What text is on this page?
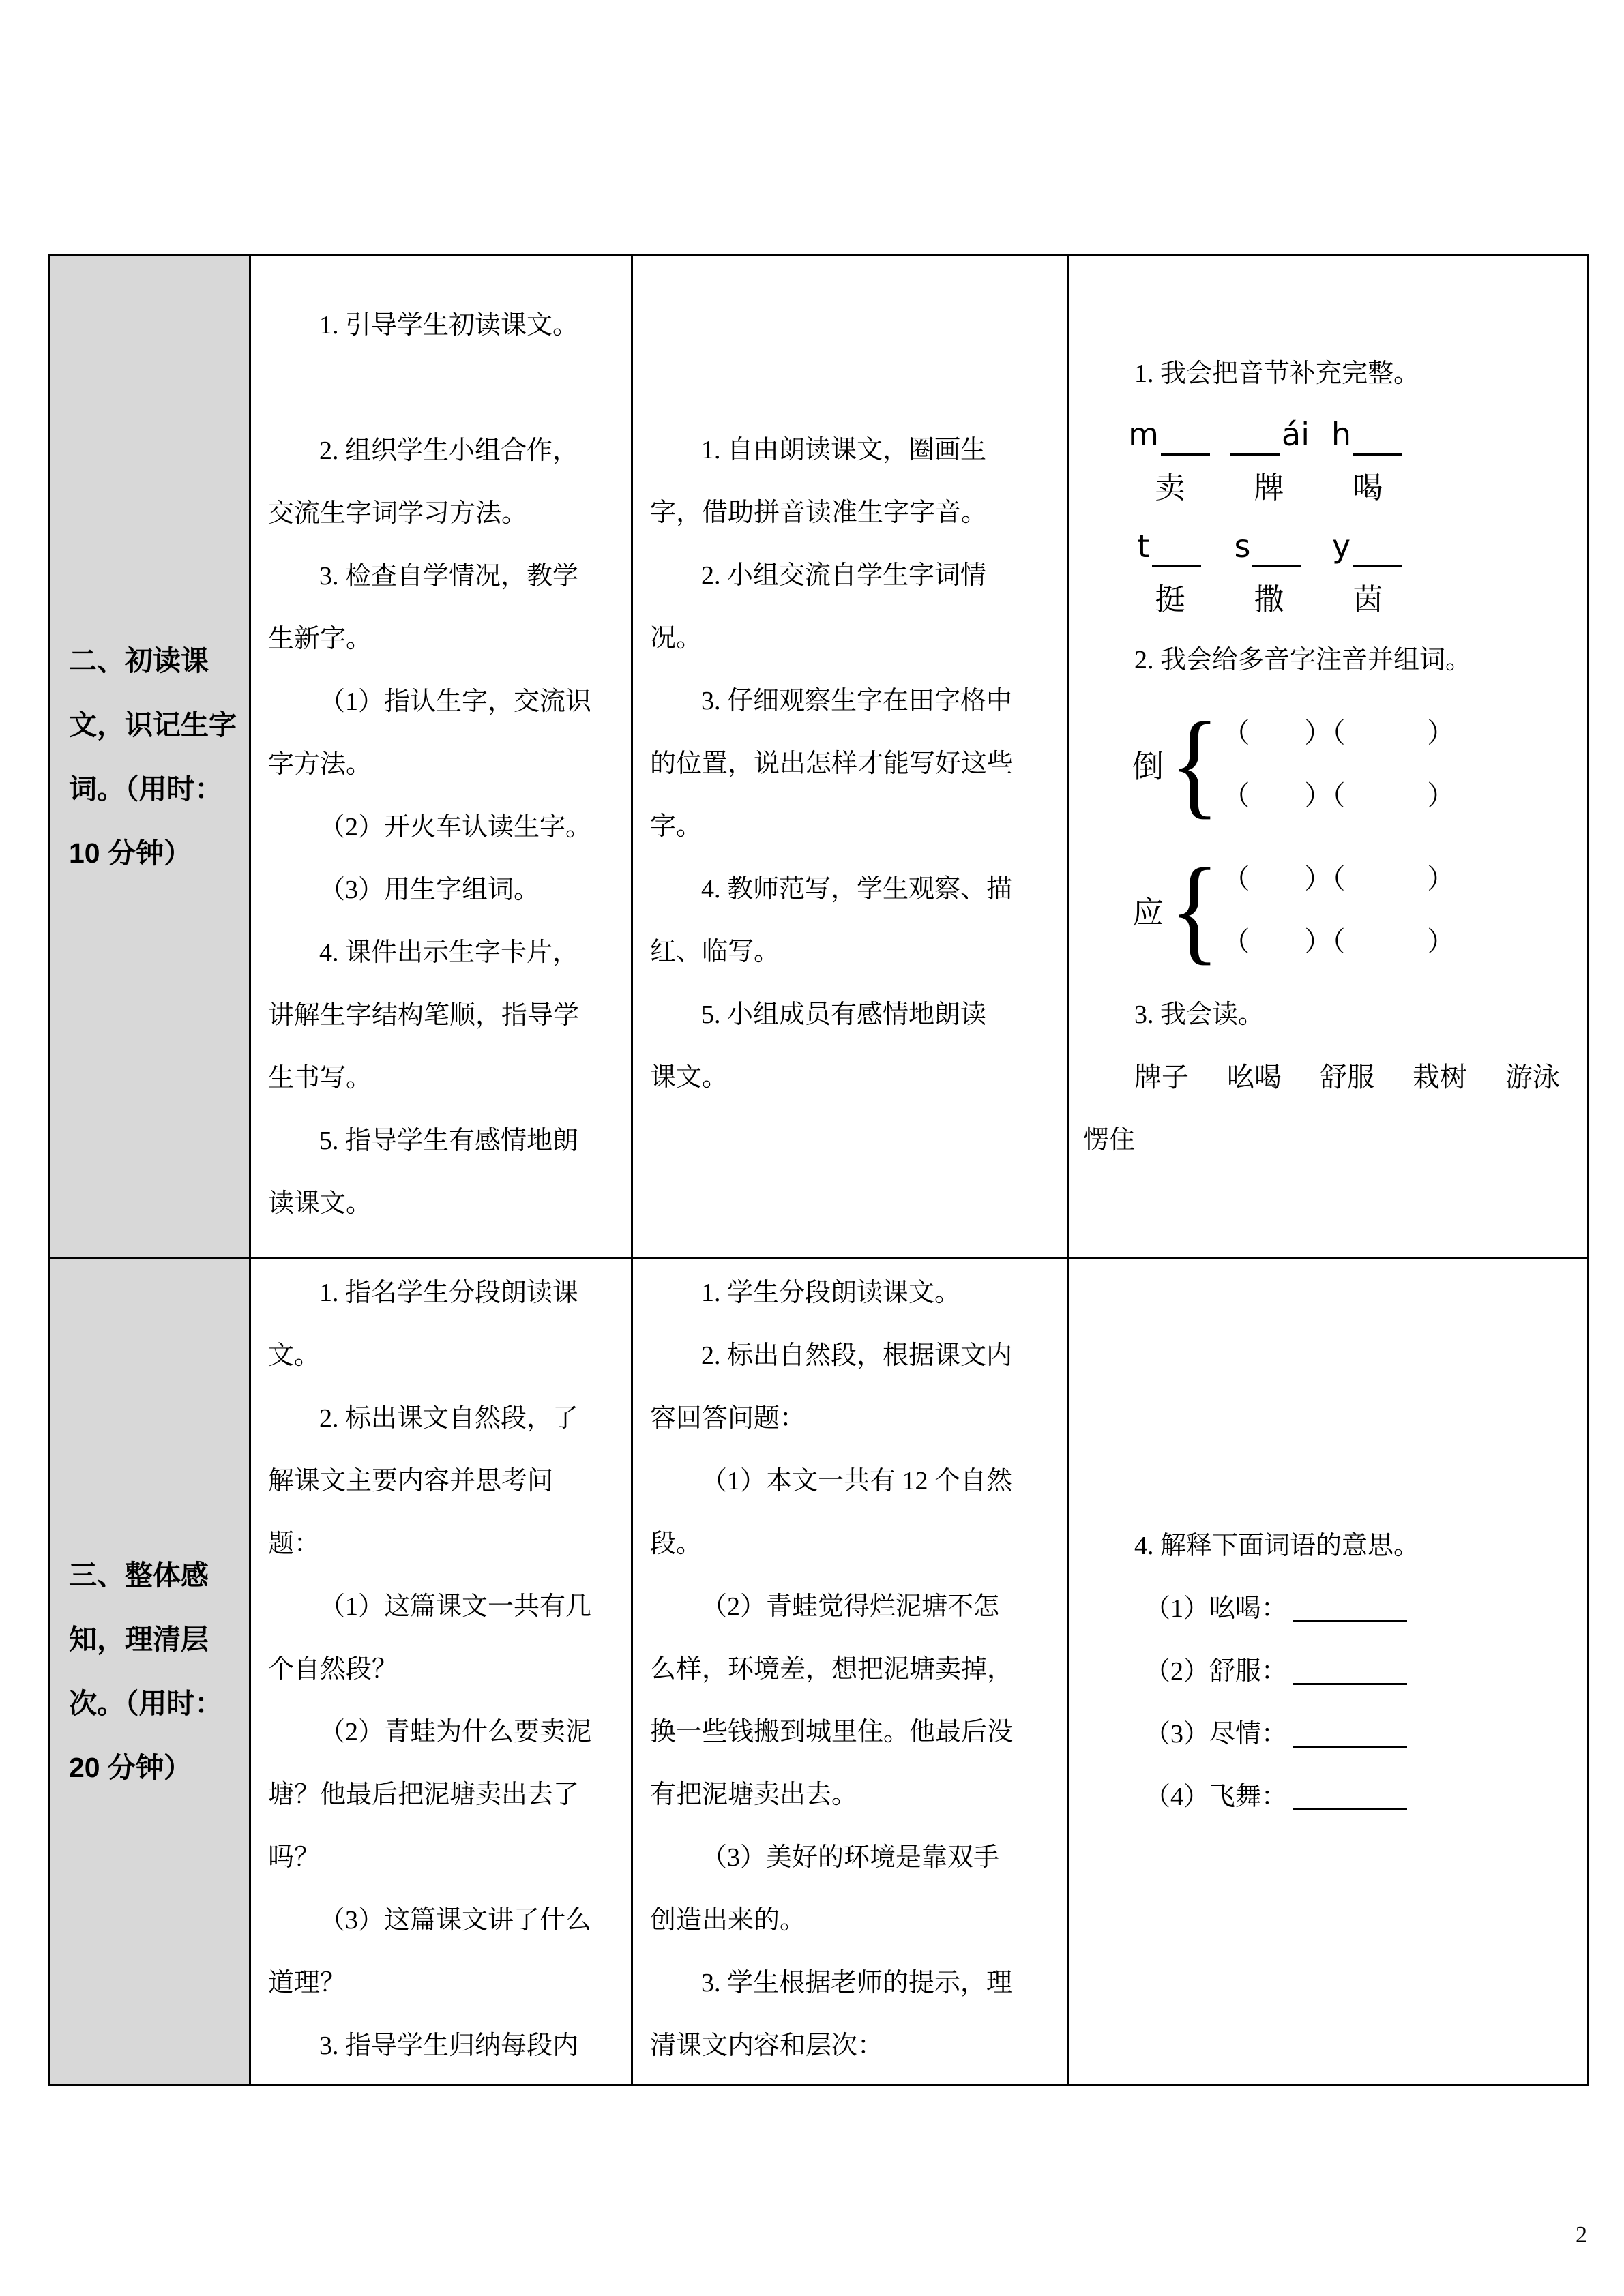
二、初读课
文，识记生字
词。（用时：
10 分钟）
1. 引导学生初读课文。
2. 组织学生小组合作，
交流生字词学习方法。
3. 检查自学情况，教学
生新字。
（1）指认生字，交流识
字方法。
（2）开火车认读生字。
（3）用生字组词。
4. 课件出示生字卡片，
讲解生字结构笔顺，指导学
生书写。
5. 指导学生有感情地朗
读课文。
1. 自由朗读课文，圈画生
字，借助拼音读准生字字音。
2. 小组交流自学生字词情
况。
3. 仔细观察生字在田字格中
的位置，说出怎样才能写好这些
字。
4. 教师范写，学生观察、描
红、临写。
5. 小组成员有感情地朗读
课文。
1. 我会把音节补充完整。
m
卖
ái
牌
h
喝
t
挺
s
撒
y
茵
2. 我会给多音字注音并组词。
倒 { （　　）（　　　）
（　　）（　　　）
应 { （　　）（　　　）
（　　）（　　　）
3. 我会读。
牌子 吆喝 舒服 栽树 游泳
愣住
三、整体感
知，理清层
次。（用时：
20 分钟）
1. 指名学生分段朗读课
文。
2. 标出课文自然段，了
解课文主要内容并思考问
题：
（1）这篇课文一共有几
个自然段？
（2）青蛙为什么要卖泥
塘？他最后把泥塘卖出去了
吗？
（3）这篇课文讲了什么
道理？
3. 指导学生归纳每段内
1. 学生分段朗读课文。
2. 标出自然段，根据课文内
容回答问题：
（1）本文一共有 12 个自然
段。
（2）青蛙觉得烂泥塘不怎
么样，环境差，想把泥塘卖掉，
换一些钱搬到城里住。他最后没
有把泥塘卖出去。
（3）美好的环境是靠双手
创造出来的。
3. 学生根据老师的提示，理
清课文内容和层次：
4. 解释下面词语的意思。
（1）吆喝：
（2）舒服：
（3）尽情：
（4）飞舞：
2
